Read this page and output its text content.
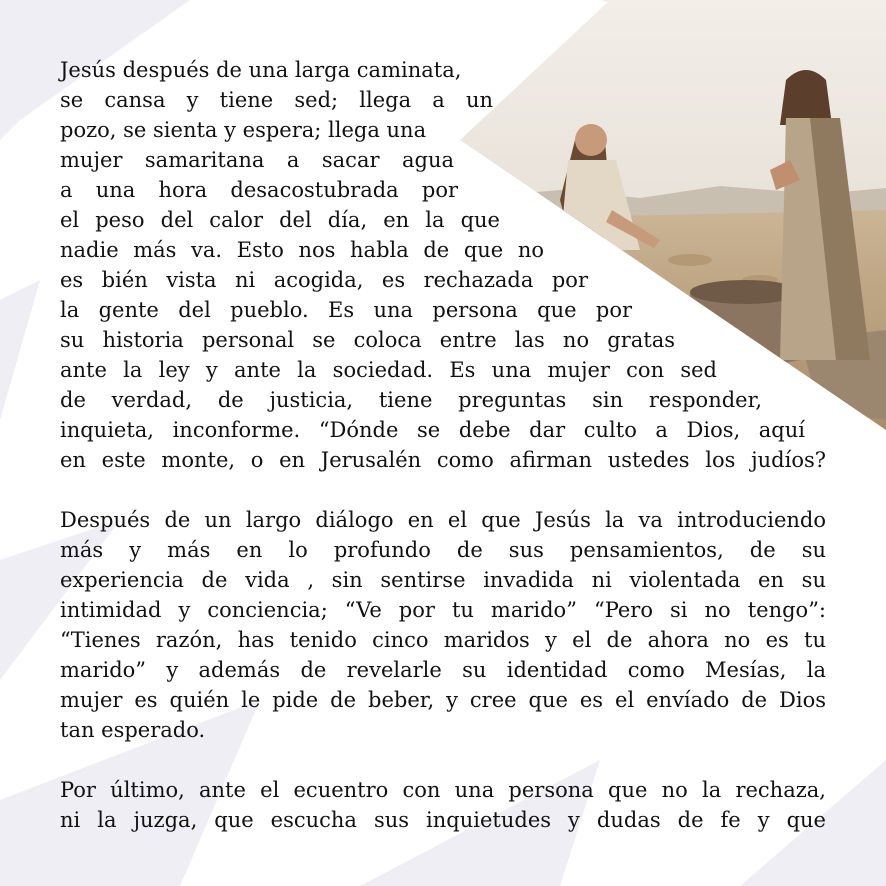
Jesús después de una larga caminata,
se cansa y tiene sed; llega a un
pozo, se sienta y espera; llega una
mujer samaritana a sacar agua
a una hora desacostubrada por
el peso del calor del día, en la que
nadie más va. Esto nos habla de que no
es bién vista ni acogida, es rechazada por
la gente del pueblo. Es una persona que por
su historia personal se coloca entre las no gratas
ante la ley y ante la sociedad. Es una mujer con sed
de verdad, de justicia, tiene preguntas sin responder,
inquieta, inconforme. “Dónde se debe dar culto a Dios, aquí
en este monte, o en Jerusalén como afirman ustedes los judíos?
Después de un largo diálogo en el que Jesús la va introduciendo
más y más en lo profundo de sus pensamientos, de su
experiencia de vida , sin sentirse invadida ni violentada en su
intimidad y conciencia; “Ve por tu marido” “Pero si no tengo”:
“Tienes razón, has tenido cinco maridos y el de ahora no es tu
marido” y además de revelarle su identidad como Mesías, la
mujer es quién le pide de beber, y cree que es el envíado de Dios
tan esperado.
Por último, ante el ecuentro con una persona que no la rechaza,
ni la juzga, que escucha sus inquietudes y dudas de fe y que
